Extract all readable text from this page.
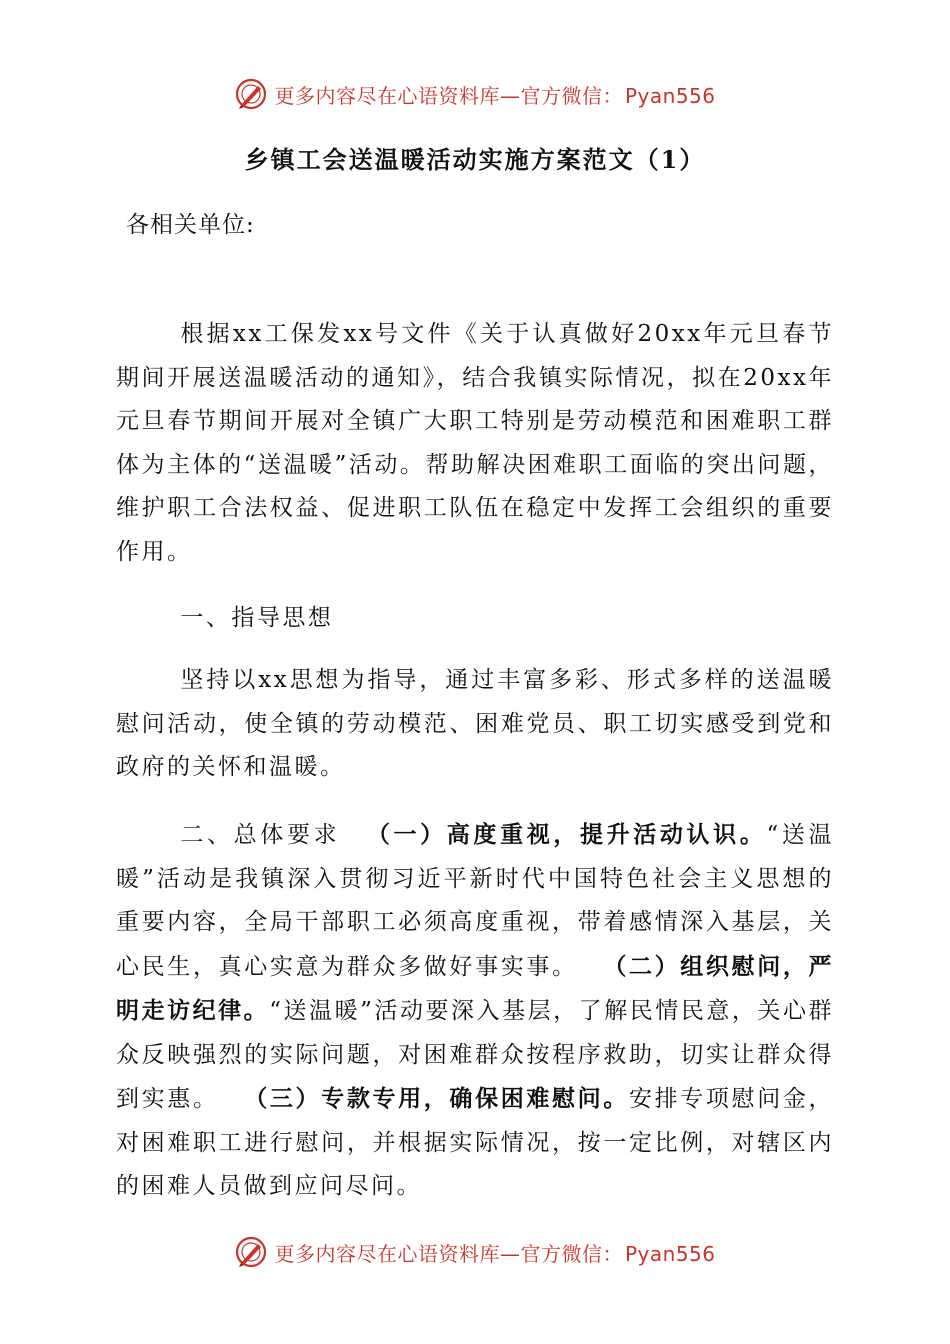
更多内容尽在心语资料库—官方微信： Pyan556
乡镇工会送温暖活动实施方案范文（1）

各相关单位:

根据xx工保发xx号文件《关于认真做好20xx年元旦春节期间开展送温暖活动的通知》，结合我镇实际情况，拟在20xx年元旦春节期间开展对全镇广大职工特别是劳动模范和困难职工群体为主体的“送温暖”活动。帮助解决困难职工面临的突出问题，维护职工合法权益、促进职工队伍在稳定中发挥工会组织的重要作用。

一、指导思想

坚持以xx思想为指导，通过丰富多彩、形式多样的送温暖慰问活动，使全镇的劳动模范、困难党员、职工切实感受到党和政府的关怀和温暖。

二、总体要求  （一）高度重视，提升活动认识。“送温暖”活动是我镇深入贯彻习近平新时代中国特色社会主义思想的重要内容，全局干部职工必须高度重视，带着感情深入基层，关心民生，真心实意为群众多做好事实事。  （二）组织慰问，严明走访纪律。“送温暖”活动要深入基层，了解民情民意，关心群众反映强烈的实际问题，对困难群众按程序救助，切实让群众得到实惠。  （三）专款专用，确保困难慰问。安排专项慰问金，对困难职工进行慰问，并根据实际情况，按一定比例，对辖区内的困难人员做到应问尽问。

更多内容尽在心语资料库—官方微信： Pyan556
